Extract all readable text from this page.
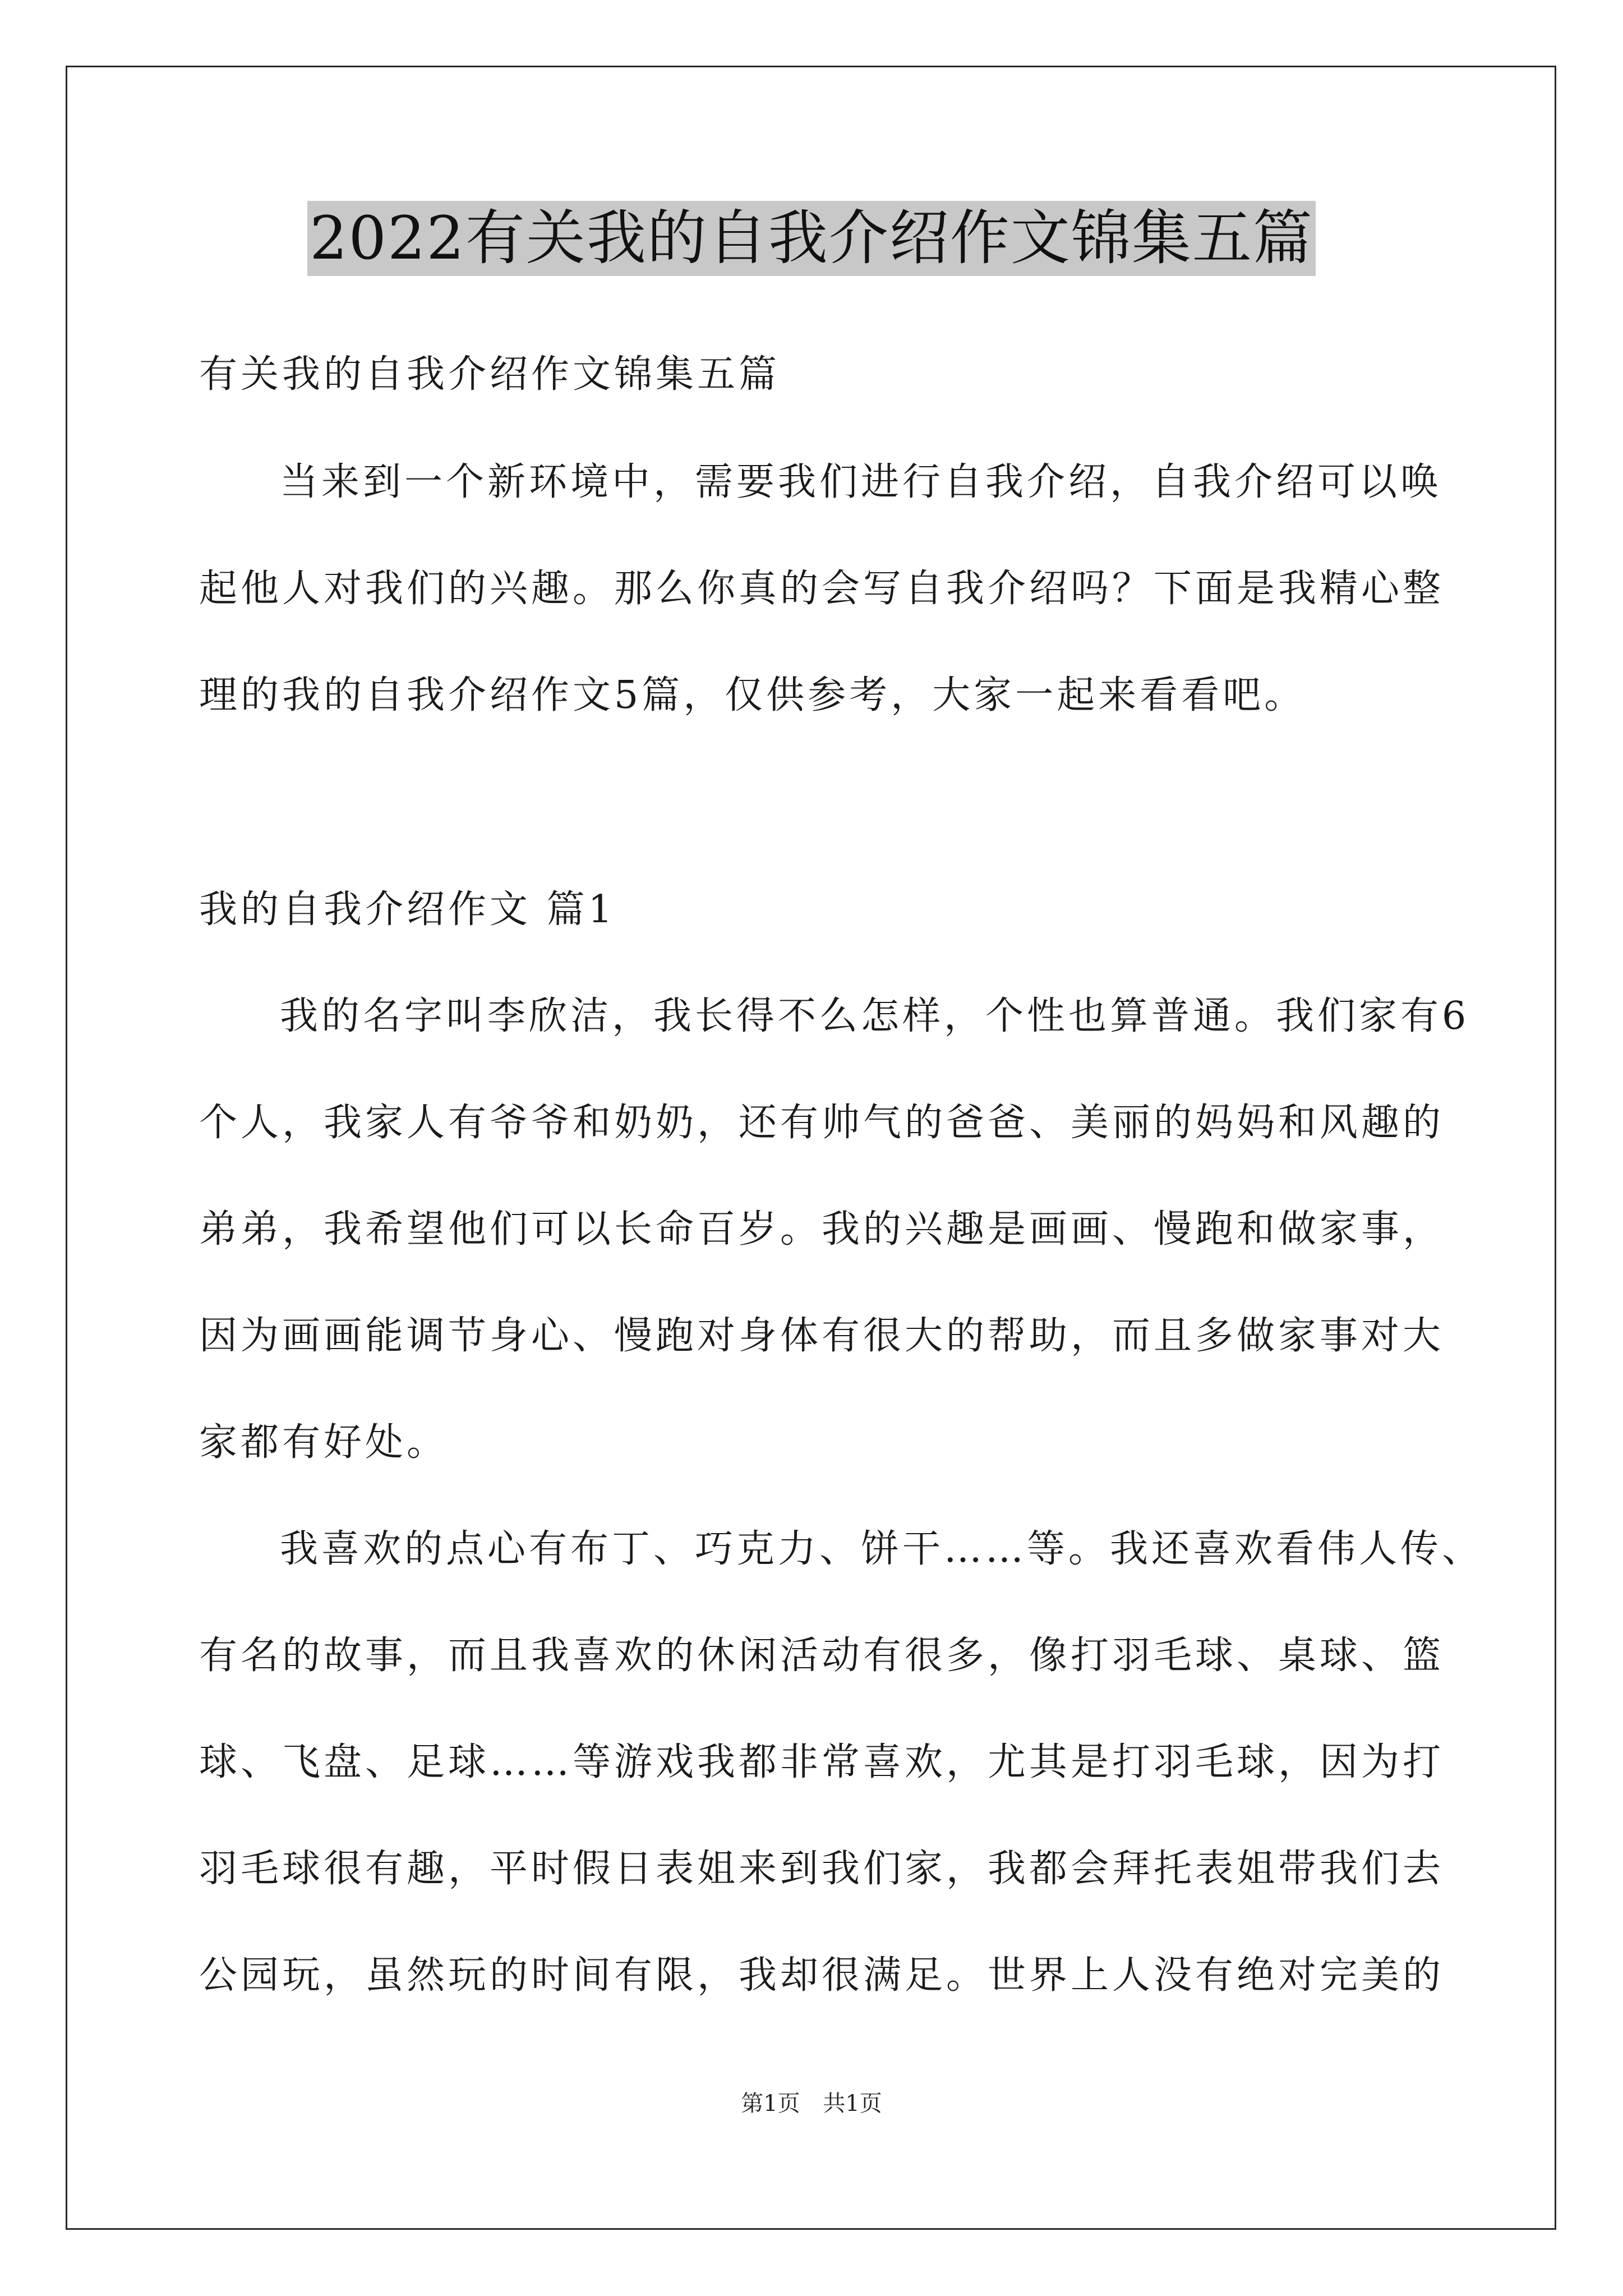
2022有关我的自我介绍作文锦集五篇
有关我的自我介绍作文锦集五篇
当来到一个新环境中，需要我们进行自我介绍，自我介绍可以唤
起他人对我们的兴趣。那么你真的会写自我介绍吗？下面是我精心整
理的我的自我介绍作文5篇，仅供参考，大家一起来看看吧。
我的自我介绍作文 篇1
我的名字叫李欣洁，我长得不么怎样，个性也算普通。我们家有6
个人，我家人有爷爷和奶奶，还有帅气的爸爸、美丽的妈妈和风趣的
弟弟，我希望他们可以长命百岁。我的兴趣是画画、慢跑和做家事，
因为画画能调节身心、慢跑对身体有很大的帮助，而且多做家事对大
家都有好处。
我喜欢的点心有布丁、巧克力、饼干……等。我还喜欢看伟人传、
有名的故事，而且我喜欢的休闲活动有很多，像打羽毛球、桌球、篮
球、飞盘、足球……等游戏我都非常喜欢，尤其是打羽毛球，因为打
羽毛球很有趣，平时假日表姐来到我们家，我都会拜托表姐带我们去
公园玩，虽然玩的时间有限，我却很满足。世界上人没有绝对完美的
第1页 共1页
